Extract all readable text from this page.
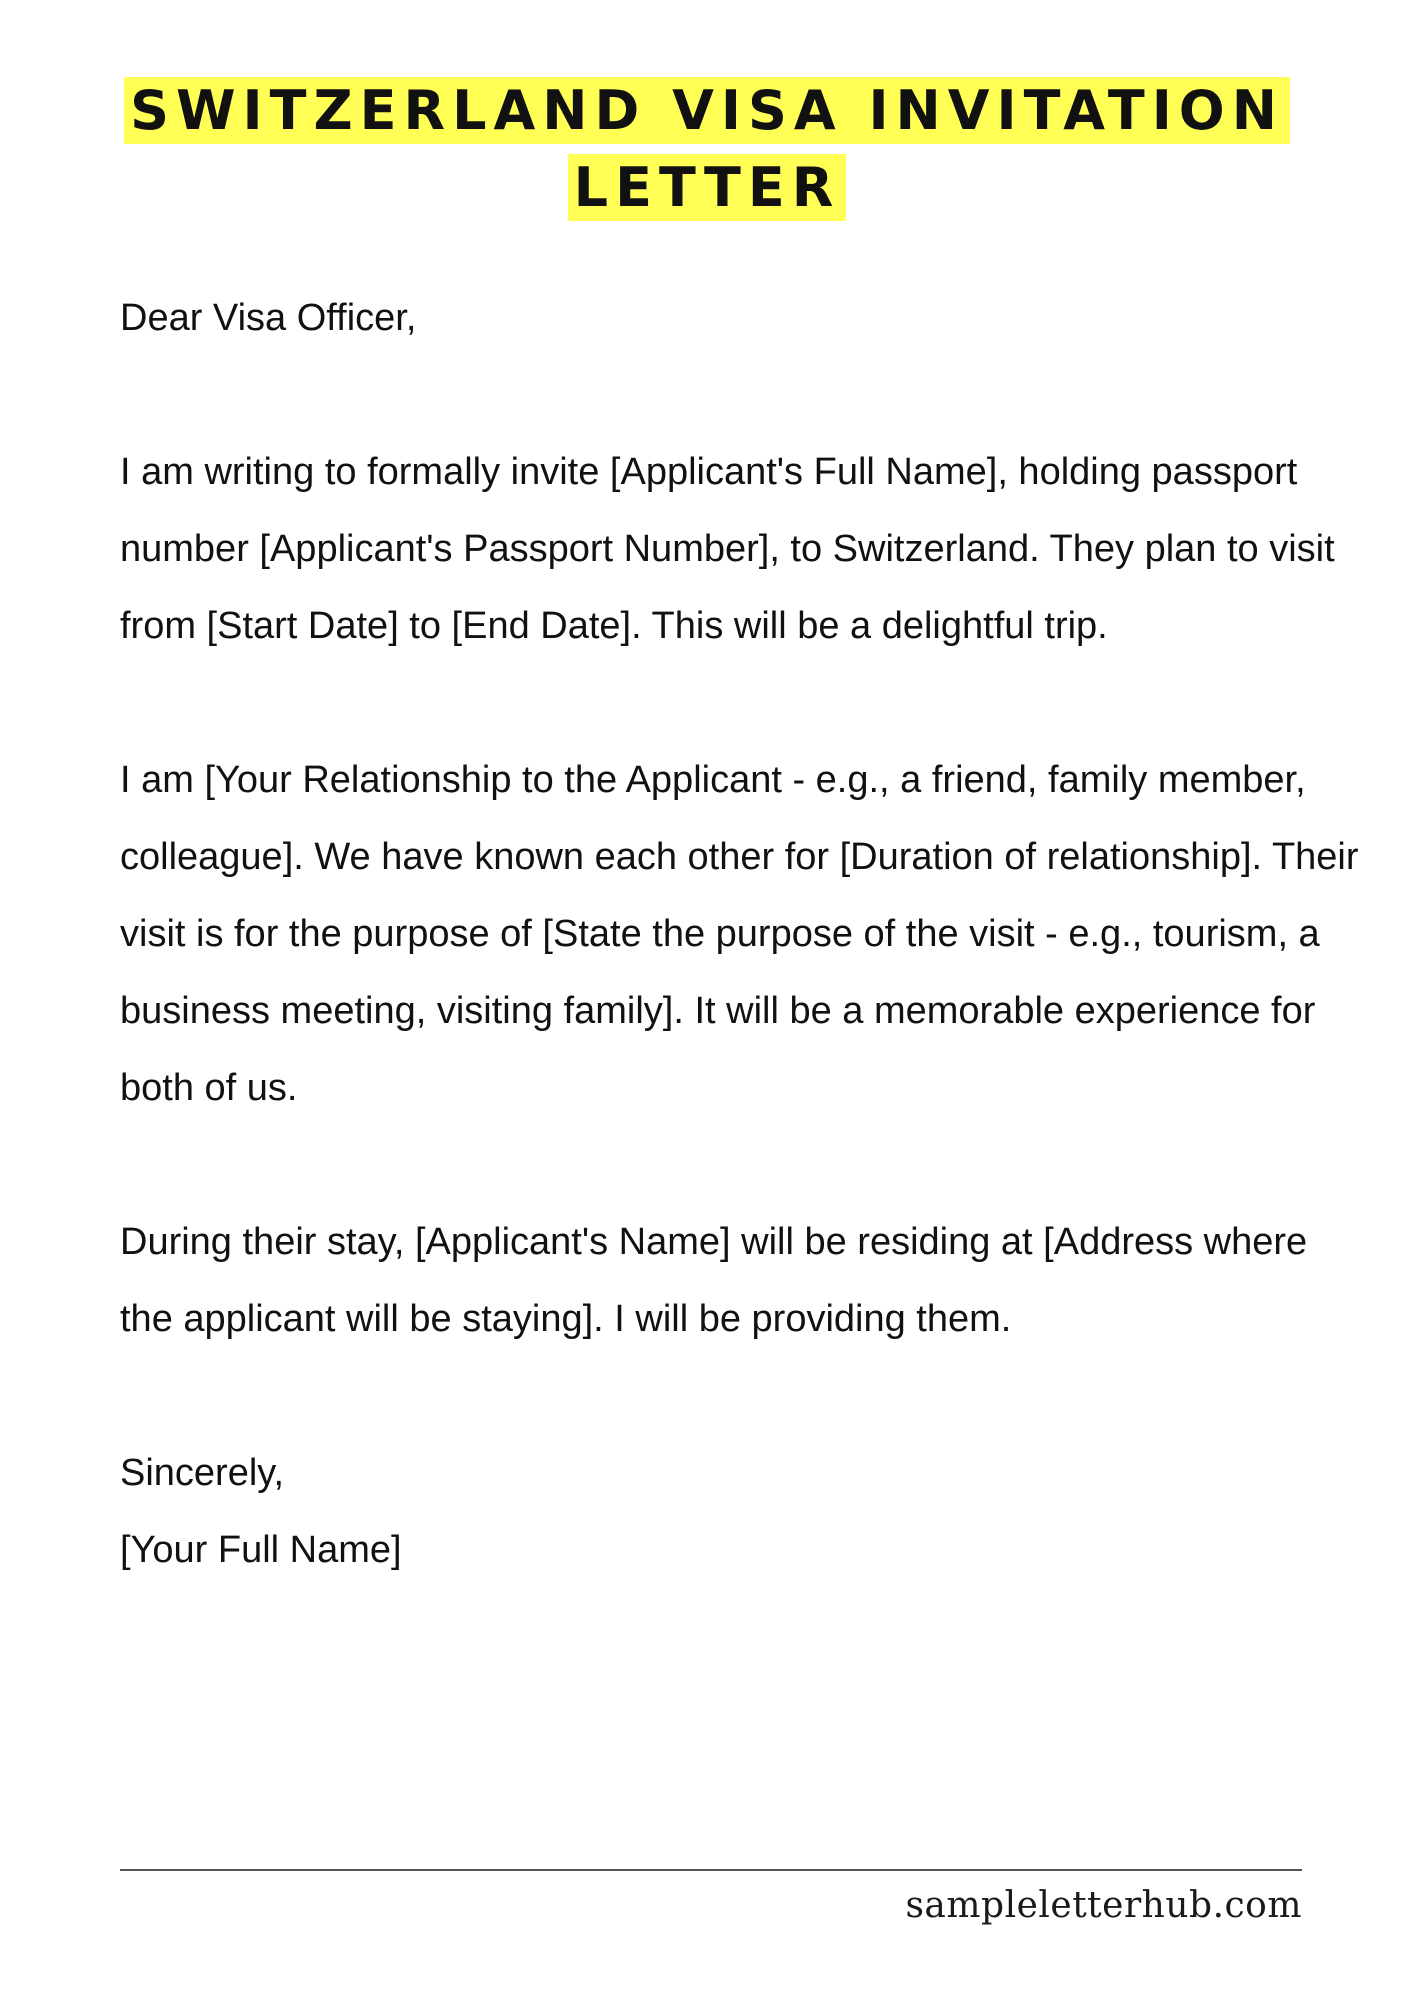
SWITZERLAND VISA INVITATION
LETTER

Dear Visa Officer,

I am writing to formally invite [Applicant's Full Name], holding passport number [Applicant's Passport Number], to Switzerland. They plan to visit from [Start Date] to [End Date]. This will be a delightful trip.

I am [Your Relationship to the Applicant - e.g., a friend, family member, colleague]. We have known each other for [Duration of relationship]. Their visit is for the purpose of [State the purpose of the visit - e.g., tourism, a business meeting, visiting family]. It will be a memorable experience for both of us.

During their stay, [Applicant's Name] will be residing at [Address where the applicant will be staying]. I will be providing them.

Sincerely,

[Your Full Name]

sampleletterhub.com
